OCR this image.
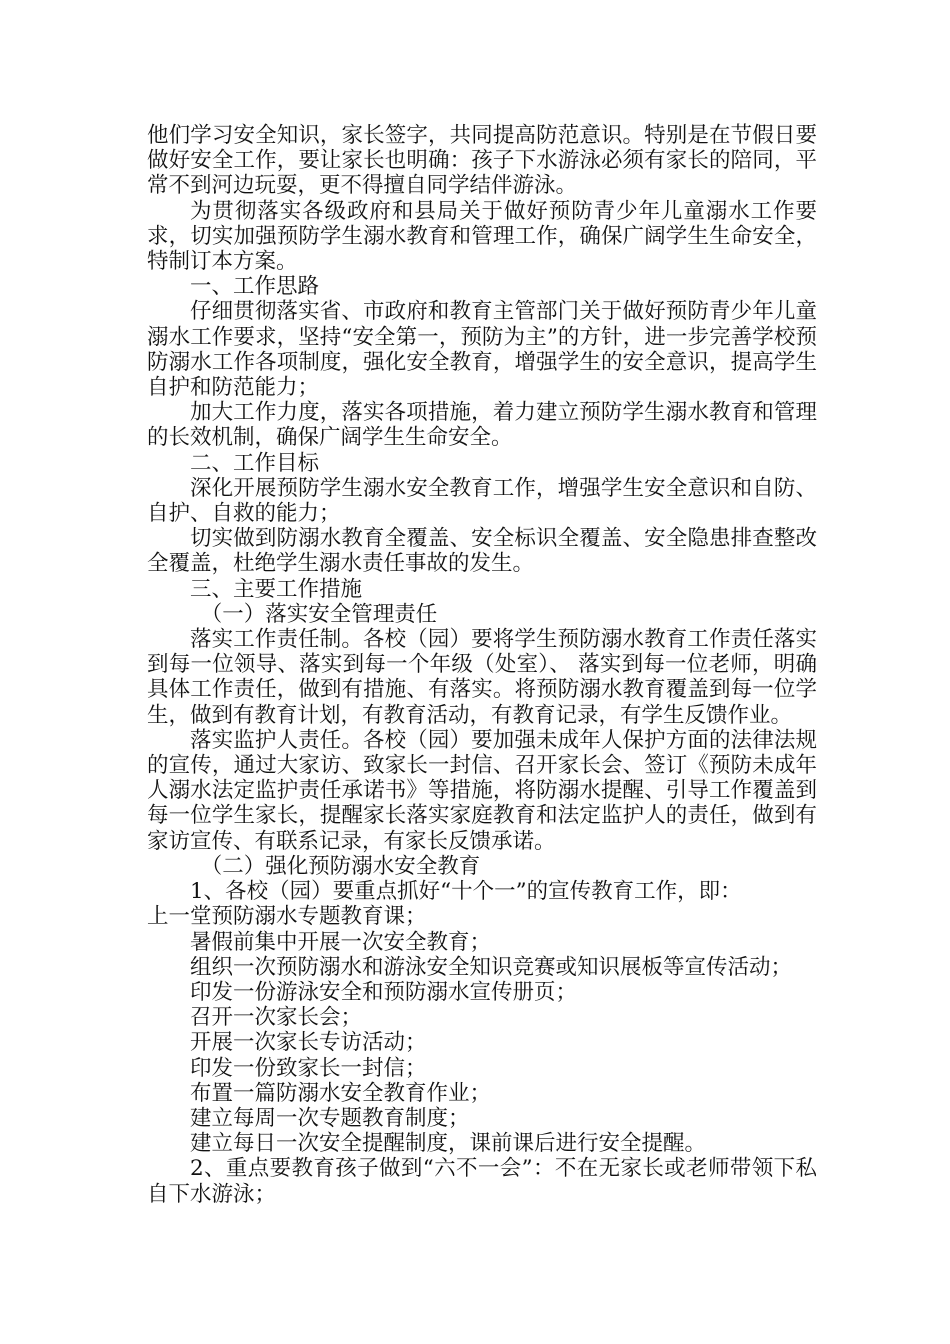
他们学习安全知识，家长签字，共同提高防范意识。特别是在节假日要做好安全工作，要让家长也明确：孩子下水游泳必须有家长的陪同，平常不到河边玩耍，更不得擅自同学结伴游泳。

为贯彻落实各级政府和县局关于做好预防青少年儿童溺水工作要求，切实加强预防学生溺水教育和管理工作，确保广阔学生生命安全，特制订本方案。

一、工作思路

仔细贯彻落实省、市政府和教育主管部门关于做好预防青少年儿童溺水工作要求，坚持“安全第一，预防为主”的方针，进一步完善学校预防溺水工作各项制度，强化安全教育，增强学生的安全意识，提高学生自护和防范能力；

加大工作力度，落实各项措施，着力建立预防学生溺水教育和管理的长效机制，确保广阔学生生命安全。

二、工作目标

深化开展预防学生溺水安全教育工作，增强学生安全意识和自防、自护、自救的能力；

切实做到防溺水教育全覆盖、安全标识全覆盖、安全隐患排查整改全覆盖，杜绝学生溺水责任事故的发生。

三、主要工作措施

（一）落实安全管理责任

落实工作责任制。各校（园）要将学生预防溺水教育工作责任落实到每一位领导、落实到每一个年级（处室）、 落实到每一位老师，明确具体工作责任，做到有措施、有落实。将预防溺水教育覆盖到每一位学生，做到有教育计划，有教育活动，有教育记录，有学生反馈作业。

落实监护人责任。各校（园）要加强未成年人保护方面的法律法规的宣传，通过大家访、致家长一封信、召开家长会、签订《预防未成年人溺水法定监护责任承诺书》等措施，将防溺水提醒、引导工作覆盖到每一位学生家长，提醒家长落实家庭教育和法定监护人的责任，做到有家访宣传、有联系记录，有家长反馈承诺。

（二）强化预防溺水安全教育

1、各校（园）要重点抓好“十个一”的宣传教育工作，即：

上一堂预防溺水专题教育课；

暑假前集中开展一次安全教育；

组织一次预防溺水和游泳安全知识竞赛或知识展板等宣传活动；

印发一份游泳安全和预防溺水宣传册页；

召开一次家长会；

开展一次家长专访活动；

印发一份致家长一封信；

布置一篇防溺水安全教育作业；

建立每周一次专题教育制度；

建立每日一次安全提醒制度，课前课后进行安全提醒。

2、重点要教育孩子做到“六不一会”：不在无家长或老师带领下私自下水游泳；
